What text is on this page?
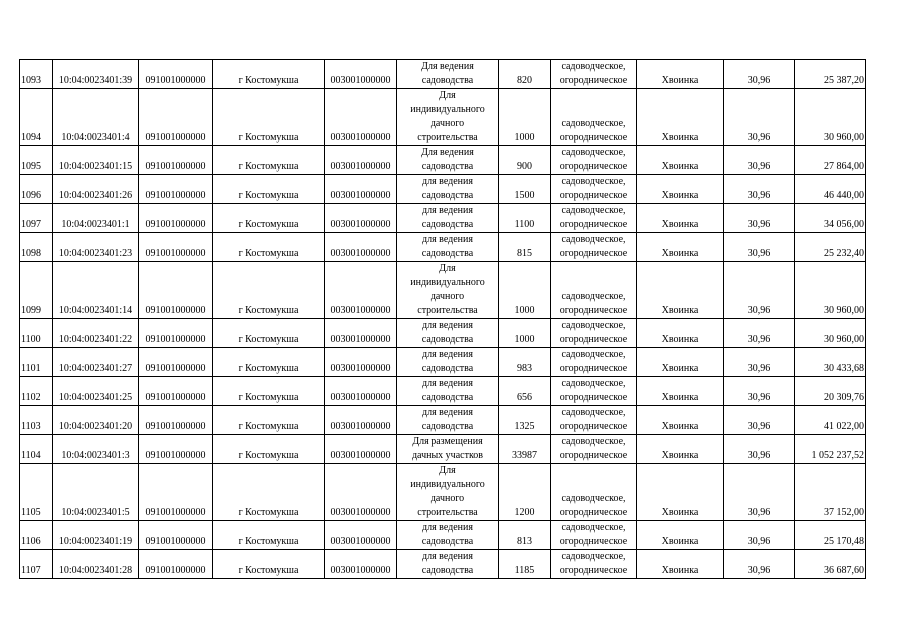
1093	10:04:0023401:39	091001000000	г Костомукша	003001000000	Для ведения
садоводства	820	садоводческое,
огородническое	Хвоинка	30,96	25 387,20
1094	10:04:0023401:4	091001000000	г Костомукша	003001000000	Для
индивидуального
дачного
строительства	1000	садоводческое,
огородническое	Хвоинка	30,96	30 960,00
1095	10:04:0023401:15	091001000000	г Костомукша	003001000000	Для ведения
садоводства	900	садоводческое,
огородническое	Хвоинка	30,96	27 864,00
1096	10:04:0023401:26	091001000000	г Костомукша	003001000000	для ведения
садоводства	1500	садоводческое,
огородническое	Хвоинка	30,96	46 440,00
1097	10:04:0023401:1	091001000000	г Костомукша	003001000000	для ведения
садоводства	1100	садоводческое,
огородническое	Хвоинка	30,96	34 056,00
1098	10:04:0023401:23	091001000000	г Костомукша	003001000000	для ведения
садоводства	815	садоводческое,
огородническое	Хвоинка	30,96	25 232,40
1099	10:04:0023401:14	091001000000	г Костомукша	003001000000	Для
индивидуального
дачного
строительства	1000	садоводческое,
огородническое	Хвоинка	30,96	30 960,00
1100	10:04:0023401:22	091001000000	г Костомукша	003001000000	для ведения
садоводства	1000	садоводческое,
огородническое	Хвоинка	30,96	30 960,00
1101	10:04:0023401:27	091001000000	г Костомукша	003001000000	для ведения
садоводства	983	садоводческое,
огородническое	Хвоинка	30,96	30 433,68
1102	10:04:0023401:25	091001000000	г Костомукша	003001000000	для ведения
садоводства	656	садоводческое,
огородническое	Хвоинка	30,96	20 309,76
1103	10:04:0023401:20	091001000000	г Костомукша	003001000000	для ведения
садоводства	1325	садоводческое,
огородническое	Хвоинка	30,96	41 022,00
1104	10:04:0023401:3	091001000000	г Костомукша	003001000000	Для размещения
дачных участков	33987	садоводческое,
огородническое	Хвоинка	30,96	1 052 237,52
1105	10:04:0023401:5	091001000000	г Костомукша	003001000000	Для
индивидуального
дачного
строительства	1200	садоводческое,
огородническое	Хвоинка	30,96	37 152,00
1106	10:04:0023401:19	091001000000	г Костомукша	003001000000	для ведения
садоводства	813	садоводческое,
огородническое	Хвоинка	30,96	25 170,48
1107	10:04:0023401:28	091001000000	г Костомукша	003001000000	для ведения
садоводства	1185	садоводческое,
огородническое	Хвоинка	30,96	36 687,60
